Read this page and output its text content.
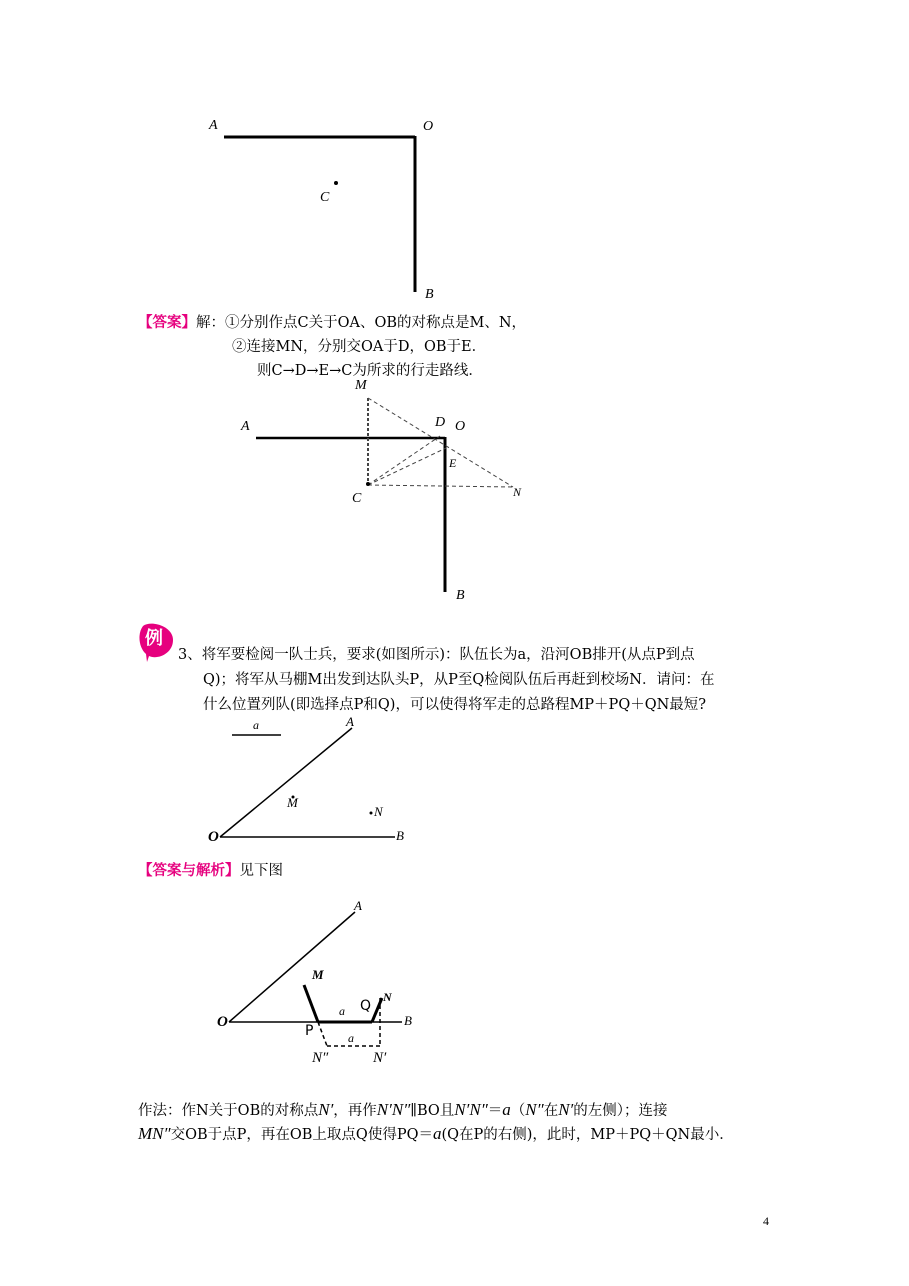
A	O
C
B
【答案】解：①分别作点C关于OA、OB的对称点是M、N，
②连接MN，分别交OA于D，OB于E．
则C→D→E→C为所求的行走路线．
M
A	D O
E
C	N
B
例
3、将军要检阅一队士兵，要求(如图所示)：队伍长为a，沿河OB排开(从点P到点
Q)；将军从马棚M出发到达队头P，从P至Q检阅队伍后再赶到校场N．请问：在
什么位置列队(即选择点P和Q)，可以使得将军走的总路程MP＋PQ＋QN最短?
a	A
M
N
O	B
【答案与解析】见下图
A
M
N
Q
a
O
P
B
a
N″	N′
作法：作N关于OB的对称点N′，再作N′N″∥BO且N′N″＝a（N″在N′的左侧）；连接
MN″交OB于点P，再在OB上取点Q使得PQ＝a(Q在P的右侧)，此时，MP＋PQ＋QN最小．
4
